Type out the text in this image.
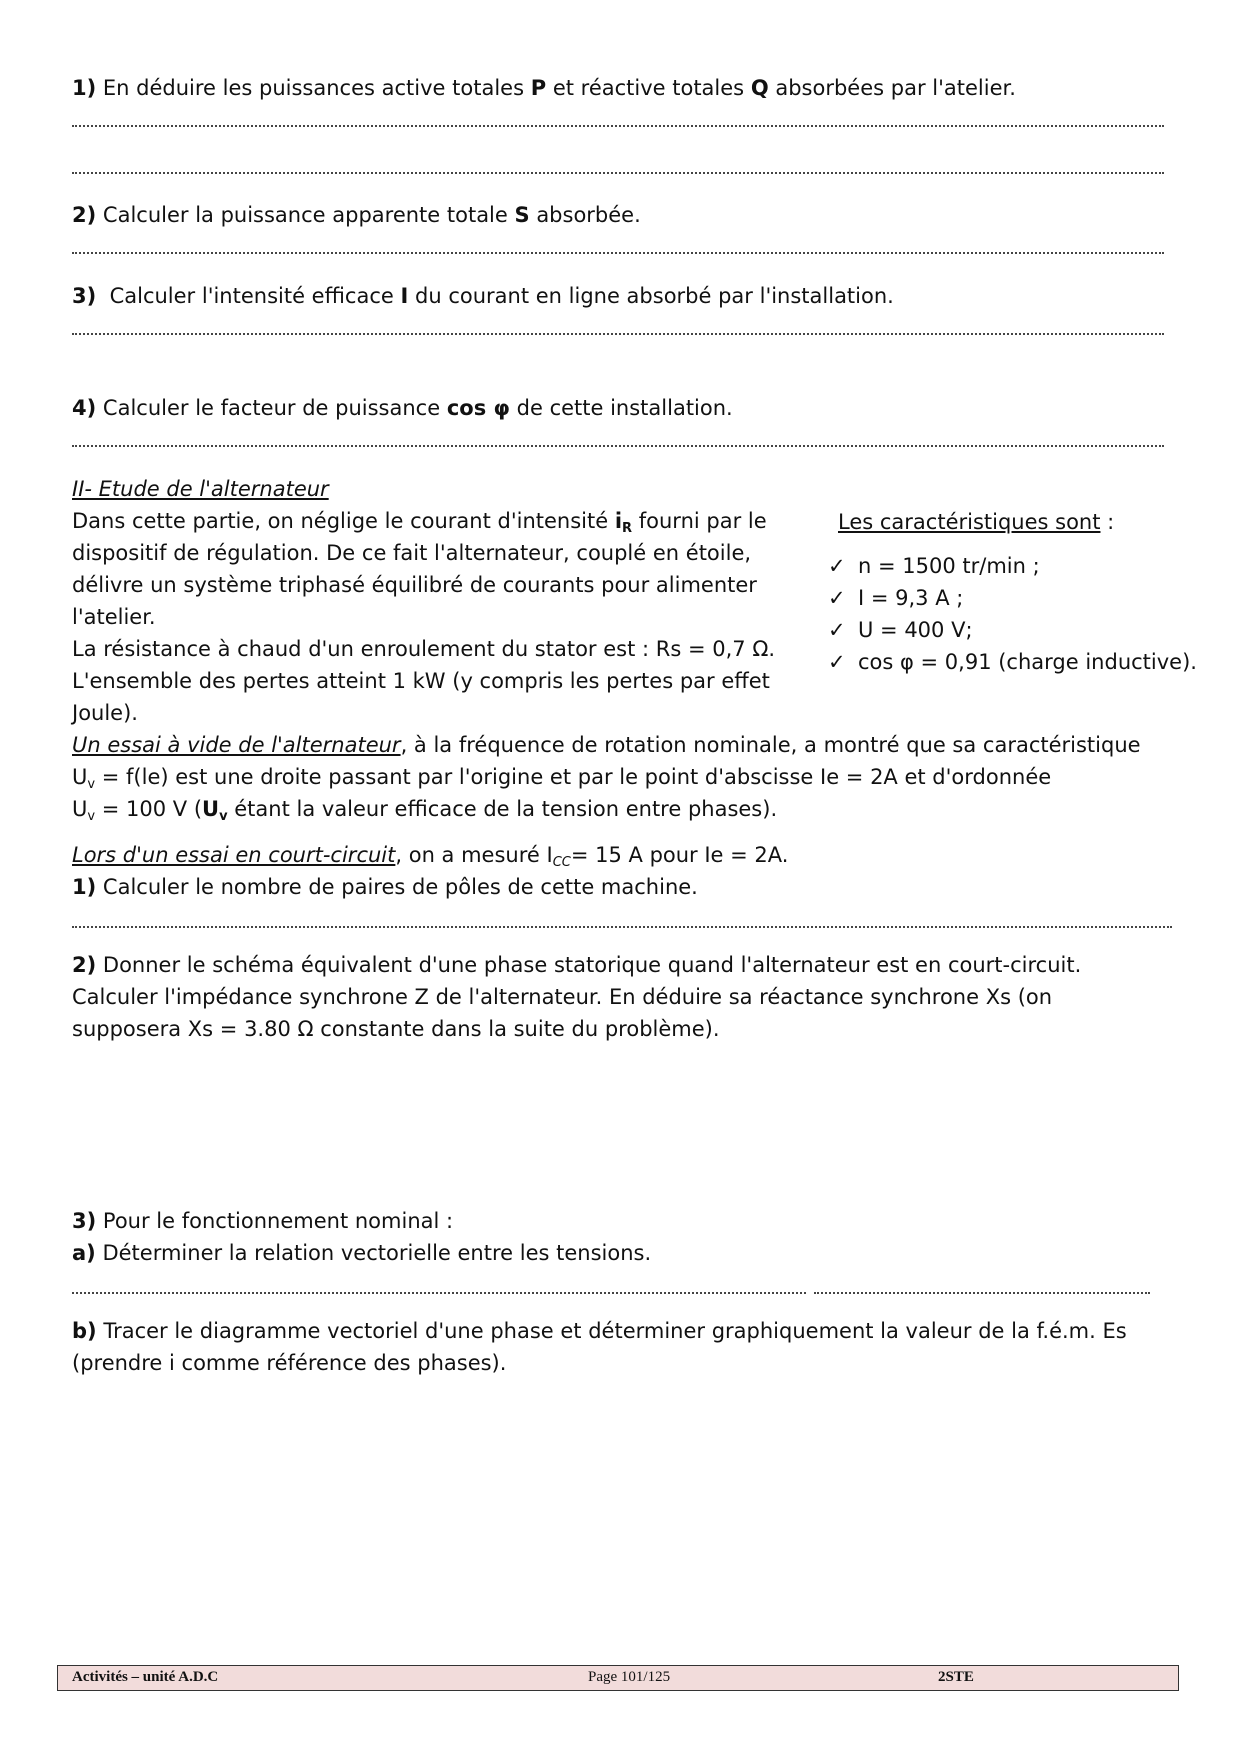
1) En déduire les puissances active totales P et réactive totales Q absorbées par l'atelier.
2) Calculer la puissance apparente totale S absorbée.
3) Calculer l'intensité efficace I du courant en ligne absorbé par l'installation.
4) Calculer le facteur de puissance cos φ de cette installation.
II- Etude de l'alternateur
Dans cette partie, on néglige le courant d'intensité $i_R$ fourni par le
dispositif de régulation. De ce fait l'alternateur, couplé en étoile,
délivre un système triphasé équilibré de courants pour alimenter
l'atelier.
La résistance à chaud d'un enroulement du stator est : Rs = 0,7 Ω.
L'ensemble des pertes atteint 1 kW (y compris les pertes par effet
Joule).
Les caractéristiques sont :
✓ n = 1500 tr/min ;
✓ I = 9,3 A ;
✓ U = 400 V;
✓ cos φ = 0,91 (charge inductive).
Un essai à vide de l'alternateur, à la fréquence de rotation nominale, a montré que sa caractéristique
$U_v = f(le)$ est une droite passant par l'origine et par le point d'abscisse Ie = 2A et d'ordonnée
$U_v = 100$ V ($U_v$ étant la valeur efficace de la tension entre phases).
Lors d'un essai en court-circuit, on a mesuré $I_{CC}= 15$ A pour Ie = 2A.
1) Calculer le nombre de paires de pôles de cette machine.
2) Donner le schéma équivalent d'une phase statorique quand l'alternateur est en court-circuit.
Calculer l'impédance synchrone Z de l'alternateur. En déduire sa réactance synchrone Xs (on
supposera Xs = 3.80 Ω constante dans la suite du problème).
3) Pour le fonctionnement nominal :
a) Déterminer la relation vectorielle entre les tensions.
b) Tracer le diagramme vectoriel d'une phase et déterminer graphiquement la valeur de la f.é.m. Es
(prendre i comme référence des phases).
Activités – unité A.D.C	Page 101/125	2STE
